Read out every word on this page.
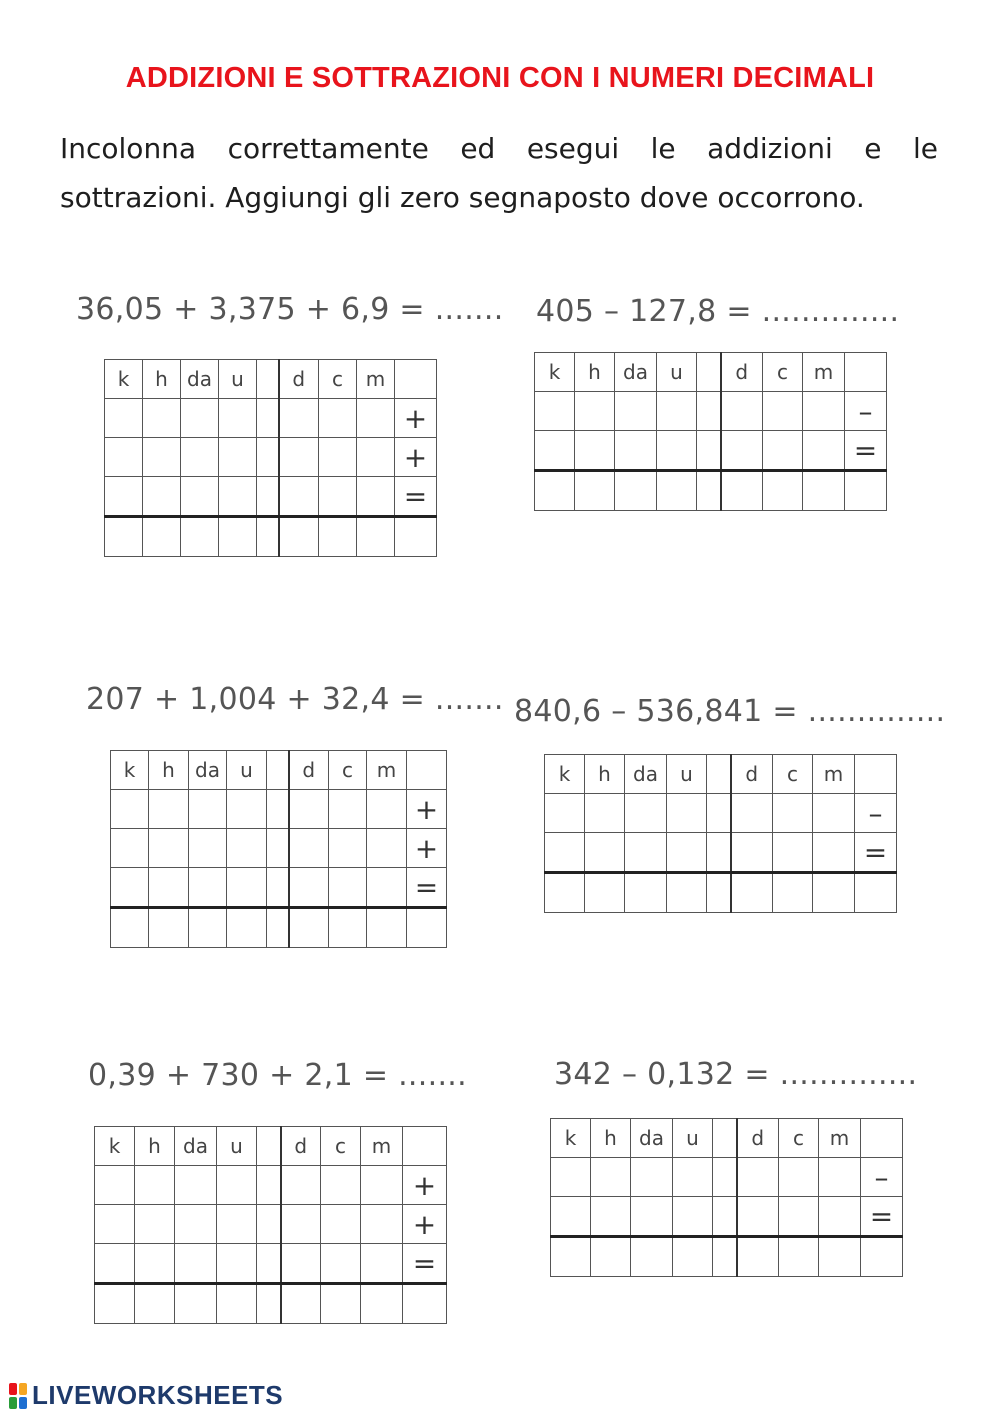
ADDIZIONI E SOTTRAZIONI CON I NUMERI DECIMALI
Incolonna correttamente ed esegui le addizioni e le sottrazioni. Aggiungi gli zero segnaposto dove occorrono.
36,05 + 3,375 + 6,9 = .......
k	h	da	u		d	c	m	
								+
								+
								=

405 – 127,8 = ..............
k	h	da	u		d	c	m	
								–
								=

207 + 1,004 + 32,4 = .......
k	h	da	u		d	c	m	
								+
								+
								=

840,6 – 536,841 = ..............
k	h	da	u		d	c	m	
								–
								=

0,39 + 730 + 2,1 = .......
k	h	da	u		d	c	m	
								+
								+
								=

342 – 0,132 = ..............
k	h	da	u		d	c	m	
								–
								=

LIVEWORKSHEETS
